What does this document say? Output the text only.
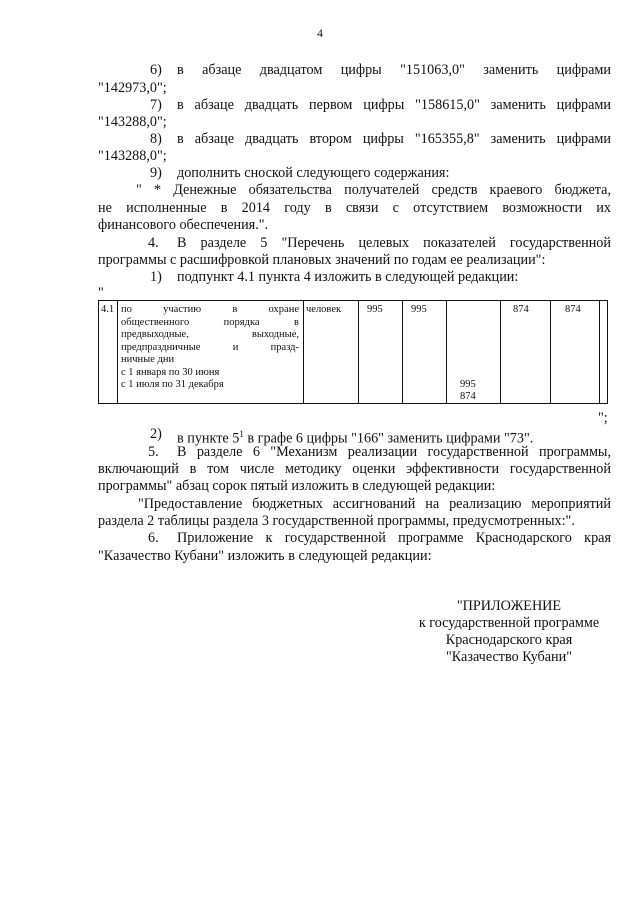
4
6) в абзаце двадцатом цифры "151063,0" заменить цифрами
"142973,0";
7) в абзаце двадцать первом цифры "158615,0" заменить цифрами
"143288,0";
8) в абзаце двадцать втором цифры "165355,8" заменить цифрами
"143288,0";
9) дополнить сноской следующего содержания:
" * Денежные обязательства получателей средств краевого бюджета,
не исполненные в 2014 году в связи с отсутствием возможности их
финансового обеспечения.".
4. В разделе 5 "Перечень целевых показателей государственной
программы с расшифровкой плановых значений по годам ее реализации":
1) подпункт 4.1 пункта 4 изложить в следующей редакции:
"
4.1 по участию в охране
общественного порядка в
предвыходные, выходные,
предпраздничные и празд-
ничные дни
с 1 января по 30 июня
с 1 июля по 31 декабря
человек 995	995
995
874
874	874
";
2) в пункте $5^1$ в графе 6 цифры "166" заменить цифрами "73".
5. В разделе 6 "Механизм реализации государственной программы,
включающий в том числе методику оценки эффективности государственной
программы" абзац сорок пятый изложить в следующей редакции:
"Предоставление бюджетных ассигнований на реализацию мероприятий
раздела 2 таблицы раздела 3 государственной программы, предусмотренных:".
6. Приложение к государственной программе Краснодарского края
"Казачество Кубани" изложить в следующей редакции:
"ПРИЛОЖЕНИЕ
к государственной программе
Краснодарского края
"Казачество Кубани"
